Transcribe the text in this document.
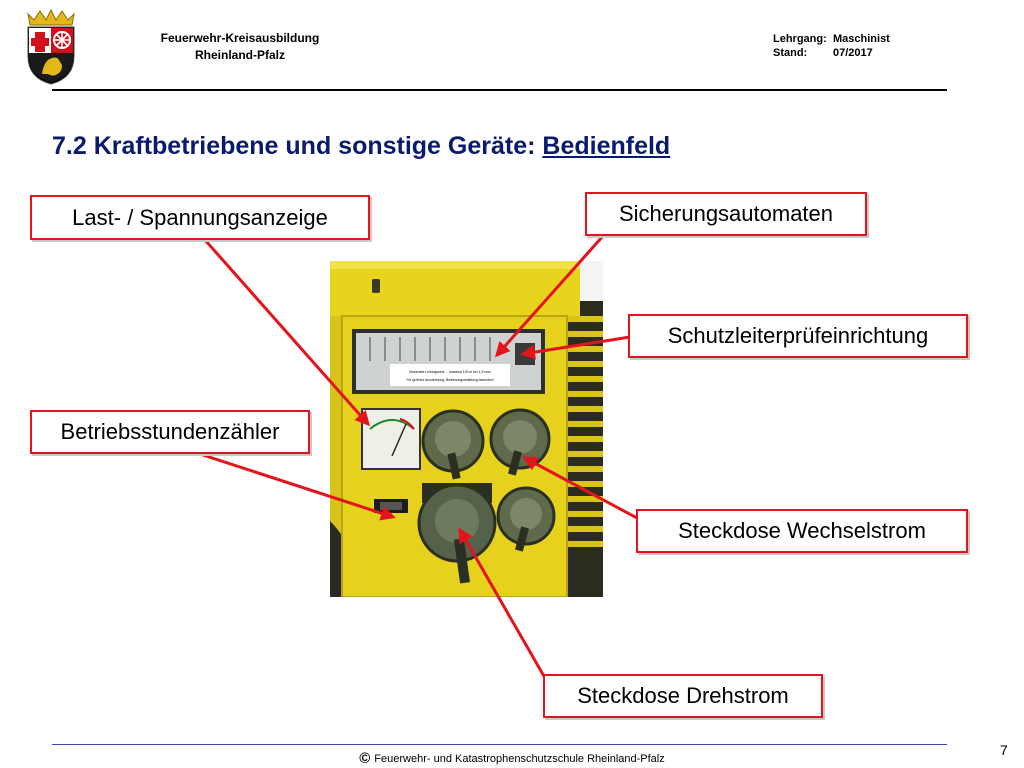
Feuerwehr-Kreisausbildung
Rheinland-Pfalz
Lehrgang: Maschinist
Stand:	07/2017
7.2 Kraftbetriebene und sonstige Geräte: Bedienfeld
Gesamtes Leitungsnetz ... maximal 100 m bei 1,5 mm²
Für größere Ausdehnung, Bedienungsanleitung beachten!
Last- / Spannungsanzeige	Sicherungsautomaten
Schutzleiterprüfeinrichtung
Betriebsstundenzähler
Steckdose Wechselstrom
Steckdose Drehstrom
© Feuerwehr- und Katastrophenschutzschule Rheinland-Pfalz
7
